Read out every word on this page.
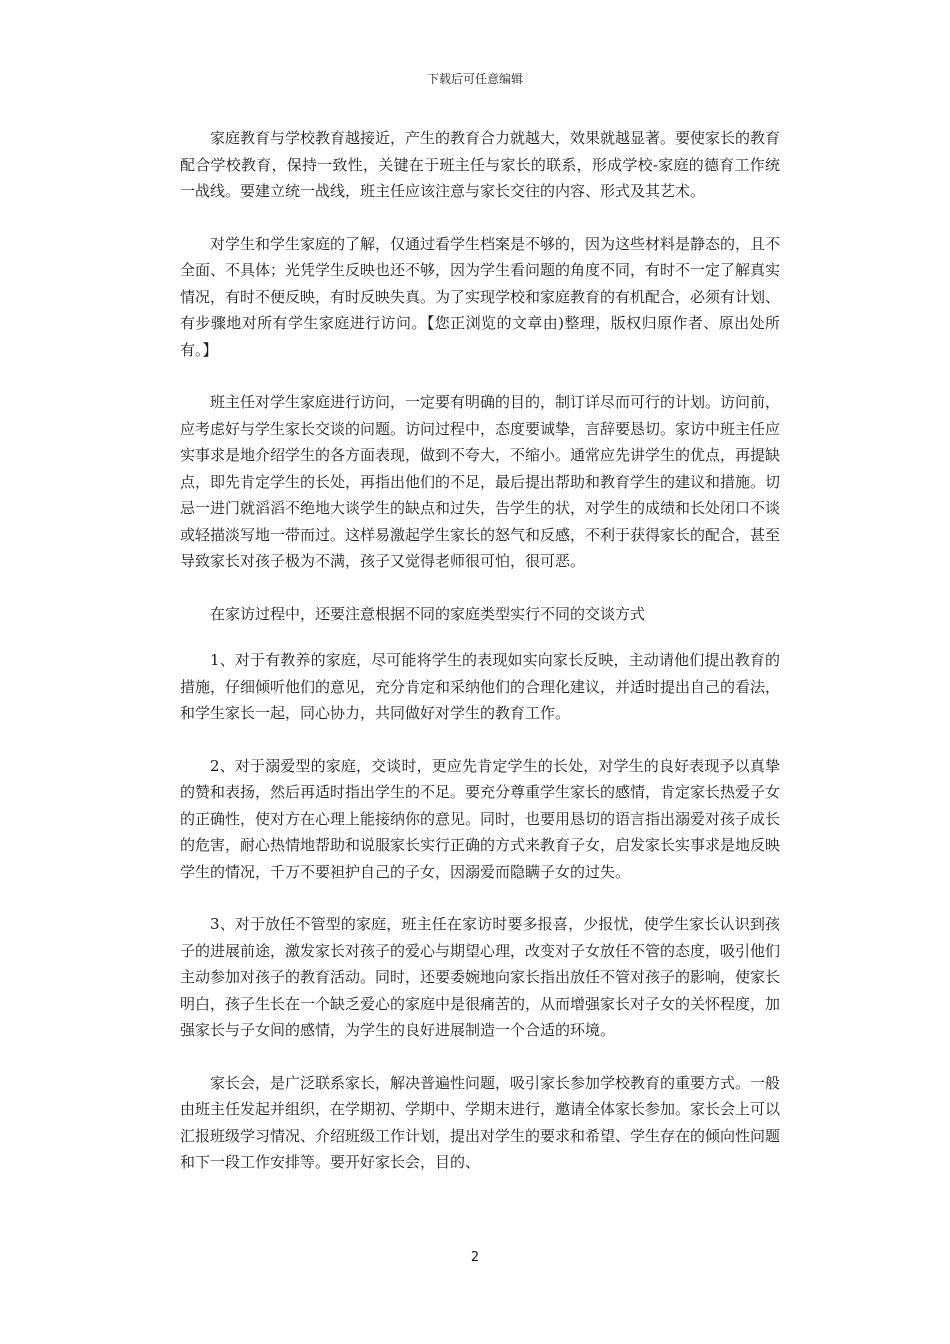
下载后可任意编辑

家庭教育与学校教育越接近，产生的教育合力就越大，效果就越显著。要使家长的教育配合学校教育，保持一致性，关键在于班主任与家长的联系，形成学校-家庭的德育工作统一战线。要建立统一战线，班主任应该注意与家长交往的内容、形式及其艺术。

对学生和学生家庭的了解，仅通过看学生档案是不够的，因为这些材料是静态的，且不全面、不具体；光凭学生反映也还不够，因为学生看问题的角度不同，有时不一定了解真实情况，有时不便反映，有时反映失真。为了实现学校和家庭教育的有机配合，必须有计划、有步骤地对所有学生家庭进行访问。【您正浏览的文章由)整理，版权归原作者、原出处所有。】

班主任对学生家庭进行访问，一定要有明确的目的，制订详尽而可行的计划。访问前，应考虑好与学生家长交谈的问题。访问过程中，态度要诚挚，言辞要恳切。家访中班主任应实事求是地介绍学生的各方面表现，做到不夸大，不缩小。通常应先讲学生的优点，再提缺点，即先肯定学生的长处，再指出他们的不足，最后提出帮助和教育学生的建议和措施。切忌一进门就滔滔不绝地大谈学生的缺点和过失，告学生的状，对学生的成绩和长处闭口不谈或轻描淡写地一带而过。这样易激起学生家长的怒气和反感，不利于获得家长的配合，甚至导致家长对孩子极为不满，孩子又觉得老师很可怕，很可恶。

在家访过程中，还要注意根据不同的家庭类型实行不同的交谈方式

1、对于有教养的家庭，尽可能将学生的表现如实向家长反映，主动请他们提出教育的措施，仔细倾听他们的意见，充分肯定和采纳他们的合理化建议，并适时提出自己的看法，和学生家长一起，同心协力，共同做好对学生的教育工作。

2、对于溺爱型的家庭，交谈时，更应先肯定学生的长处，对学生的良好表现予以真挚的赞和表扬，然后再适时指出学生的不足。要充分尊重学生家长的感情，肯定家长热爱子女的正确性，使对方在心理上能接纳你的意见。同时，也要用恳切的语言指出溺爱对孩子成长的危害，耐心热情地帮助和说服家长实行正确的方式来教育子女，启发家长实事求是地反映学生的情况，千万不要袒护自己的子女，因溺爱而隐瞒子女的过失。

3、对于放任不管型的家庭，班主任在家访时要多报喜，少报忧，使学生家长认识到孩子的进展前途，激发家长对孩子的爱心与期望心理，改变对子女放任不管的态度，吸引他们主动参加对孩子的教育活动。同时，还要委婉地向家长指出放任不管对孩子的影响，使家长明白，孩子生长在一个缺乏爱心的家庭中是很痛苦的，从而增强家长对子女的关怀程度，加强家长与子女间的感情，为学生的良好进展制造一个合适的环境。

家长会，是广泛联系家长，解决普遍性问题，吸引家长参加学校教育的重要方式。一般由班主任发起并组织，在学期初、学期中、学期末进行，邀请全体家长参加。家长会上可以汇报班级学习情况、介绍班级工作计划，提出对学生的要求和希望、学生存在的倾向性问题和下一段工作安排等。要开好家长会，目的、

2
